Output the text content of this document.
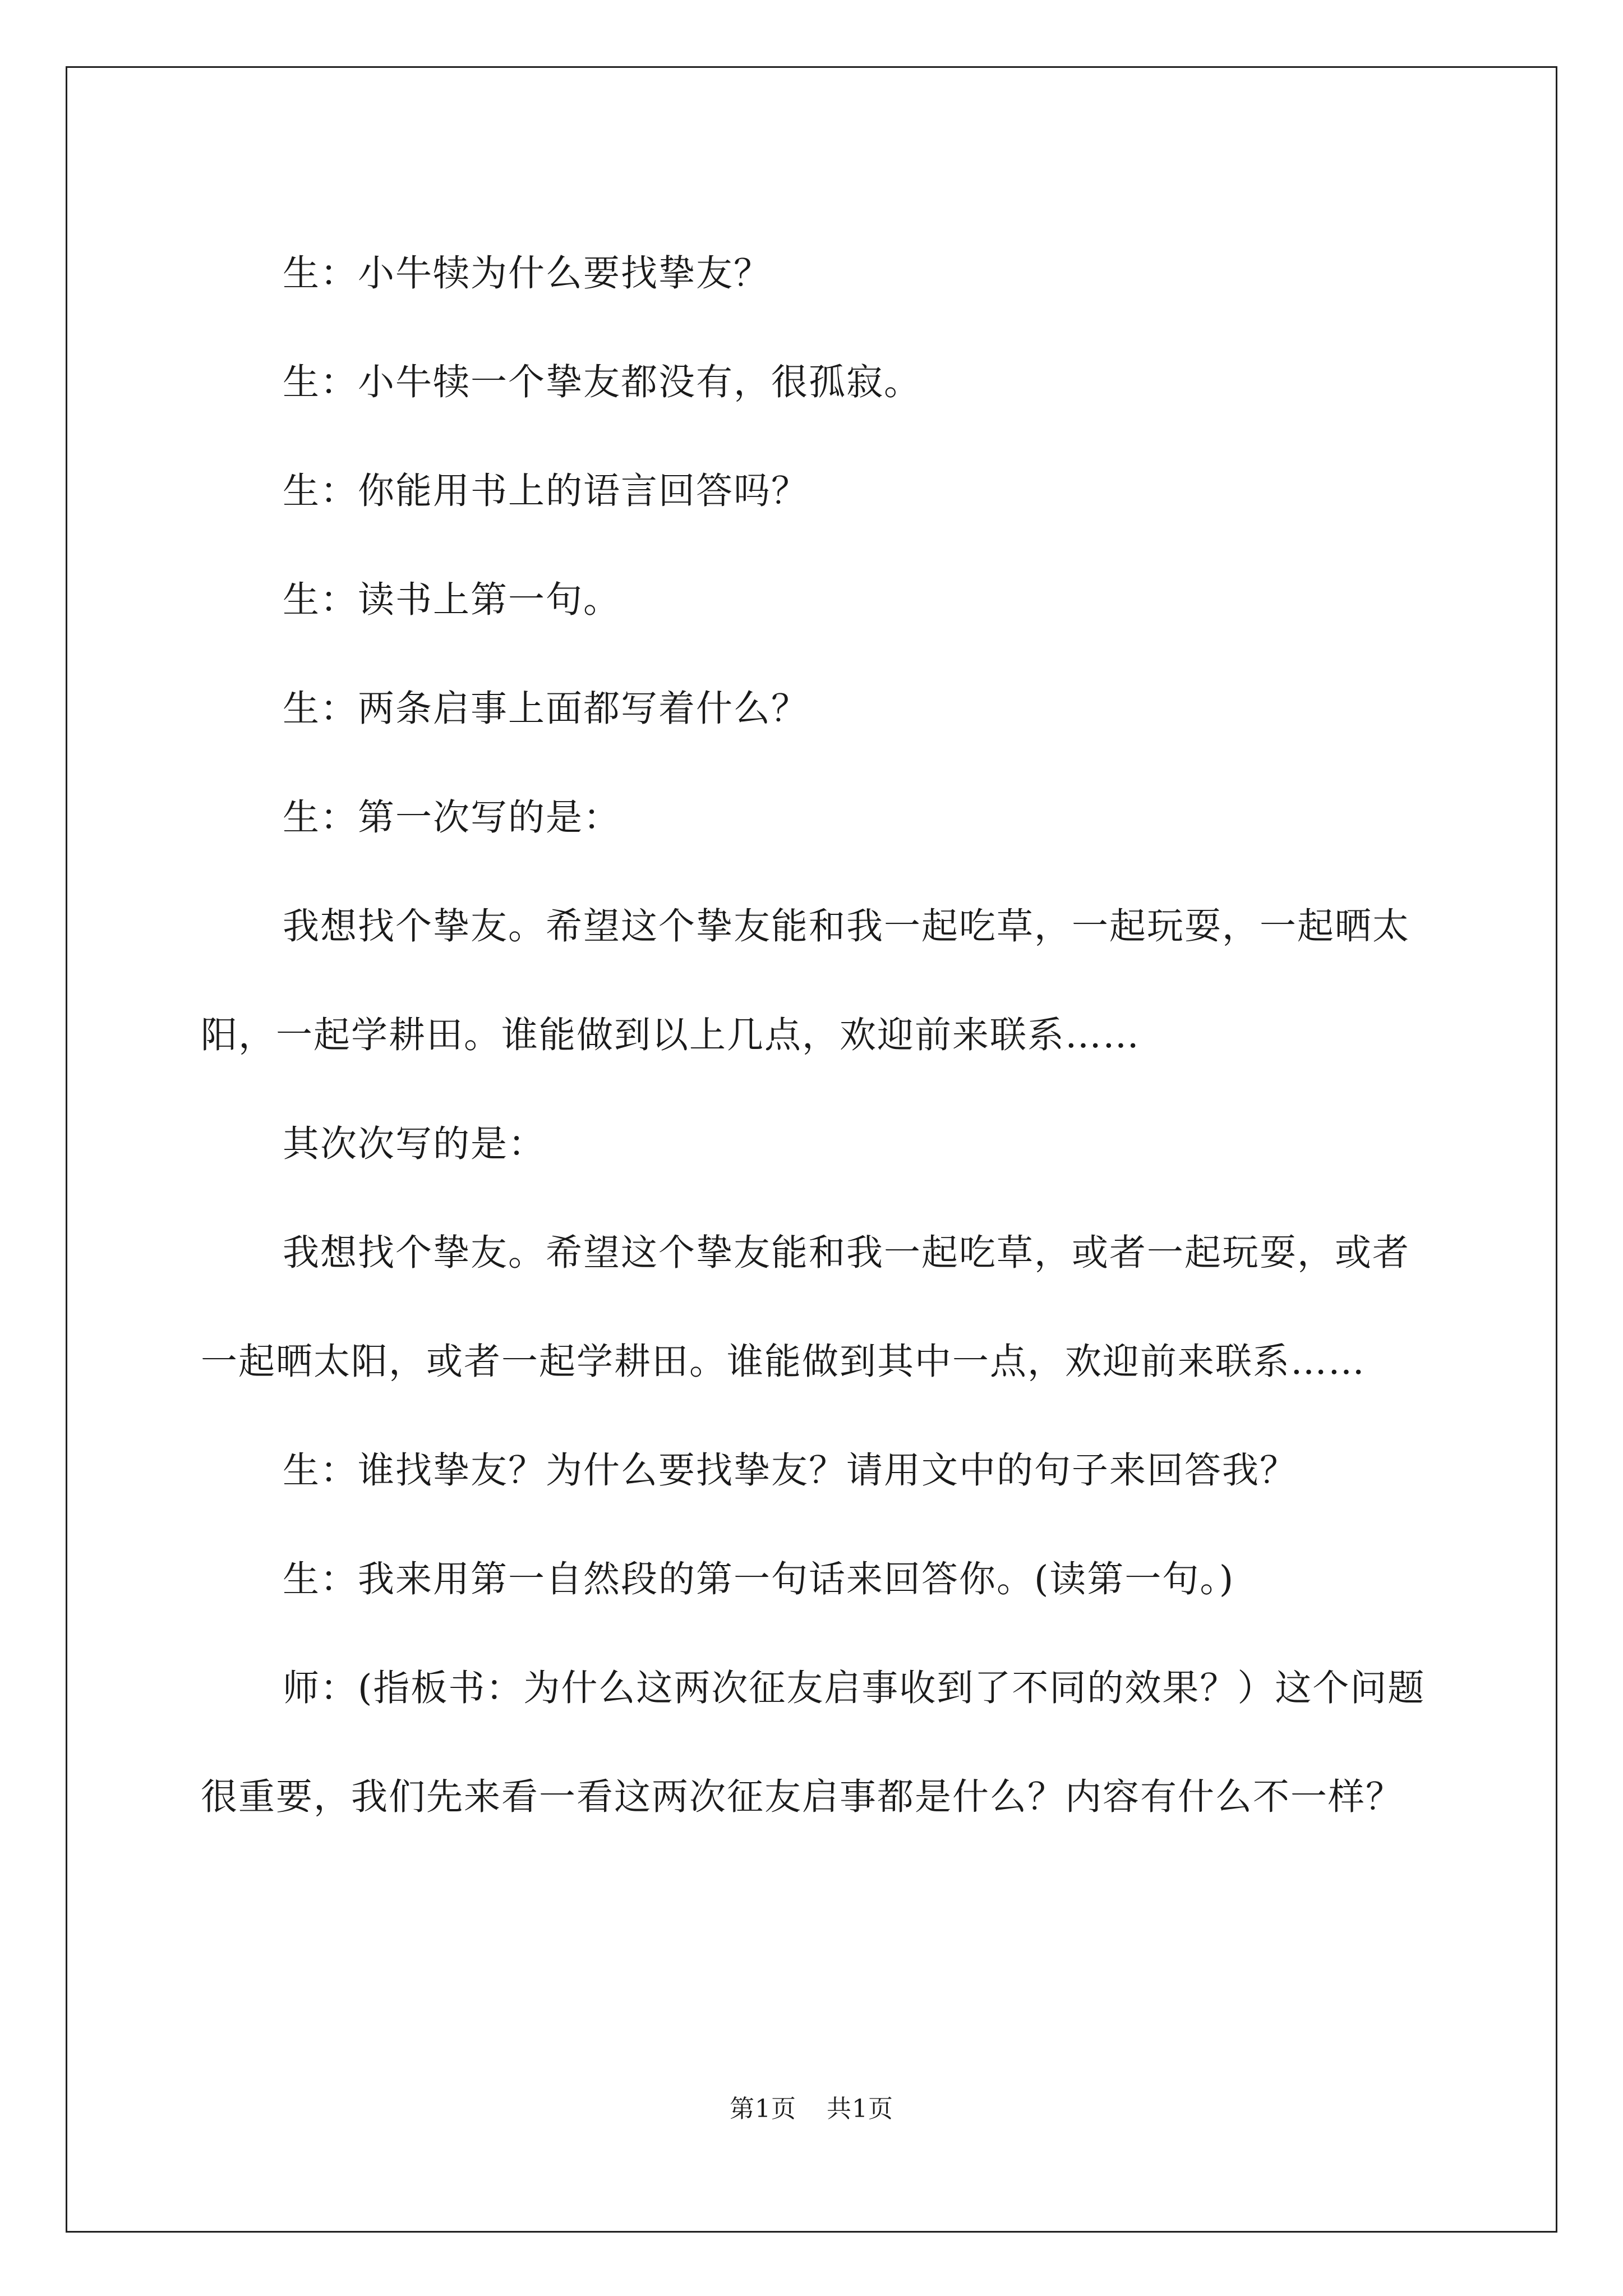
生：小牛犊为什么要找挚友？

生：小牛犊一个挚友都没有，很孤寂。

生：你能用书上的语言回答吗？

生：读书上第一句。

生：两条启事上面都写着什么？

生：第一次写的是：

我想找个挚友。希望这个挚友能和我一起吃草，一起玩耍，一起晒太阳，一起学耕田。谁能做到以上几点，欢迎前来联系……

其次次写的是：

我想找个挚友。希望这个挚友能和我一起吃草，或者一起玩耍，或者一起晒太阳，或者一起学耕田。谁能做到其中一点，欢迎前来联系……

生：谁找挚友？为什么要找挚友？请用文中的句子来回答我？

生：我来用第一自然段的第一句话来回答你。(读第一句。)

师：(指板书：为什么这两次征友启事收到了不同的效果？）这个问题很重要，我们先来看一看这两次征友启事都是什么？内容有什么不一样？

第1页 共1页
